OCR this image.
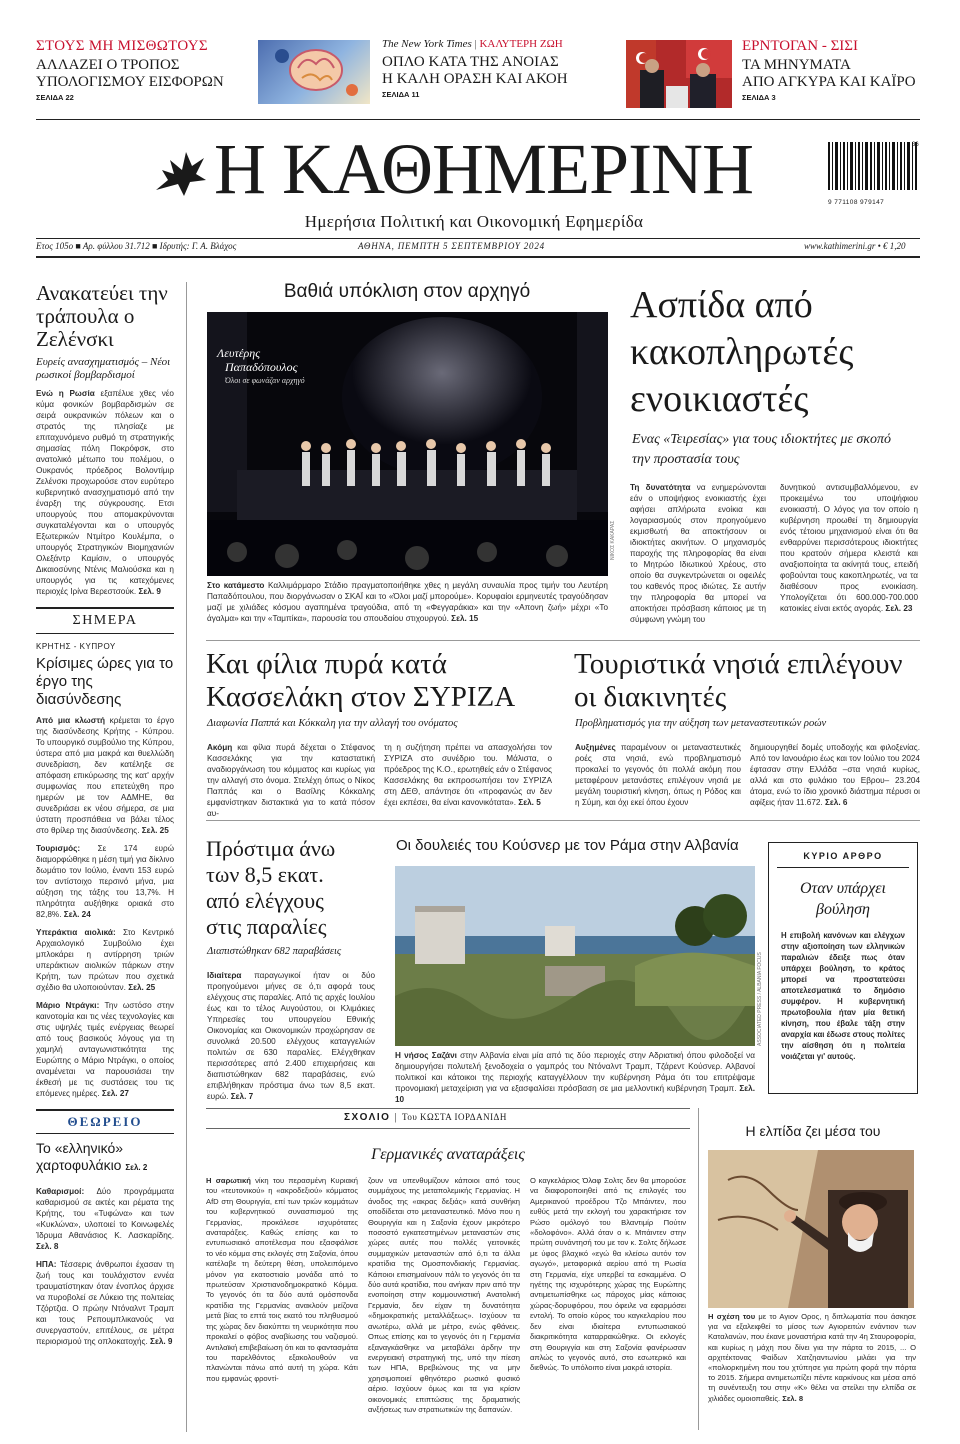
ΣΤΟΥΣ ΜΗ ΜΙΣΘΩΤΟΥΣ
ΑΛΛΑΖΕΙ Ο ΤΡΟΠΟΣ
ΥΠΟΛΟΓΙΣΜΟΥ ΕΙΣΦΟΡΩΝ
ΣΕΛΙΔΑ 22
The New York Times | ΚΑΛΥΤΕΡΗ ΖΩΗ
ΟΠΛΟ ΚΑΤΑ ΤΗΣ ΑΝΟΙΑΣ
Η ΚΑΛΗ ΟΡΑΣΗ ΚΑΙ ΑΚΟΗ
ΣΕΛΙΔΑ 11
ΕΡΝΤΟΓΑΝ - ΣΙΣΙ
ΤΑ ΜΗΝΥΜΑΤΑ
ΑΠΟ ΑΓΚΥΡΑ ΚΑΙ ΚΑΪΡΟ
ΣΕΛΙΔΑ 3
Η ΚΑΘΗΜΕΡΙΝΗ
Ημερήσια Πολιτική και Οικονομική Εφημερίδα
9 771108 979147
36
Ετος 105ο ■ Αρ. φύλλου 31.712 ■ Ιδρυτής: Γ. Α. Βλάχος	ΑΘΗΝΑ, ΠΕΜΠΤΗ 5 ΣΕΠΤΕΜΒΡΙΟΥ 2024	www.kathimerini.gr • € 1,20
Ανακατεύει την τράπουλα ο Ζελένσκι
Ευρείς ανασχηματισμός – Νέοι ρωσικοί βομβαρδισμοί
Ενώ η Ρωσία εξαπέλυε χθες νέο κύμα φονικών βομβαρδισμών σε σειρά ουκρανικών πόλεων και ο στρατός της πλησίαζε με επιταχυνόμενο ρυθμό τη στρατηγικής σημασίας πόλη Ποκρόφσκ, στο ανατολικό μέτωπο του πολέμου, ο Ουκρανός πρόεδρος Βολοντίμιρ Ζελένσκι προχωρούσε στον ευρύτερο κυβερνητικό ανασχηματισμό από την έναρξη της σύγκρουσης. Ετσι υπουργούς που απομακρύνονται συγκαταλέγονται και ο υπουργός Εξωτερικών Ντμίτρο Κουλέμπα, ο υπουργός Στρατηγικών Βιομηχανιών Ολεξάντρ Καμίσιν, ο υπουργός Δικαιοσύνης Ντένις Μαλιούσκα και η υπουργός για τις κατεχόμενες περιοχές Ιρίνα Βερεστσούκ. Σελ. 9
ΣΗΜΕΡΑ
ΚΡΗΤΗΣ - ΚΥΠΡΟΥ
Κρίσιμες ώρες για το έργο της διασύνδεσης
Από μια κλωστή κρέμεται το έργο της διασύνδεσης Κρήτης - Κύπρου. Το υπουργικό συμβούλιο της Κύπρου, ύστερα από μια μακρά και θυελλώδη συνεδρίαση, δεν κατέληξε σε απόφαση επικύρωσης της κατ' αρχήν συμφωνίας που επετεύχθη προ ημερών με τον ΑΔΜΗΕ, θα συνεδριάσει εκ νέου σήμερα, σε μια ύστατη προσπάθεια να βάλει τέλος στο θρίλερ της διασύνδεσης. Σελ. 25
Τουρισμός: Σε 174 ευρώ διαμορφώθηκε η μέση τιμή για δίκλινο δωμάτιο τον Ιούλιο, έναντι 153 ευρώ τον αντίστοιχο περσινό μήνα, μια αύξηση της τάξης του 13,7%. Η πληρότητα αυξήθηκε οριακά στο 82,8%. Σελ. 24
Υπεράκτια αιολικά: Στο Κεντρικό Αρχαιολογικό Συμβούλιο έχει μπλοκάρει η αντίρρηση τριών υπεράκτιων αιολικών πάρκων στην Κρήτη, των πρώτων που σχετικά σχέδιο θα υλοποιούνταν. Σελ. 25
Μάριο Ντράγκι: Την ωστόσο στην καινοτομία και τις νέες τεχνολογίες και στις υψηλές τιμές ενέργειας θεωρεί από τους βασικούς λόγους για τη χαμηλή ανταγωνιστικότητα της Ευρώπης ο Μάριο Ντράγκι, ο οποίος αναμένεται να παρουσιάσει την έκθεσή με τις συστάσεις του τις επόμενες ημέρες. Σελ. 27
ΘΕΩΡΕΙΟ
Το «ελληνικό» χαρτοφυλάκιο Σελ. 2
Καθαρισμοί: Δύο προγράμματα καθαρισμού σε ακτές και ρέματα της Κρήτης, του «Τυφώνα» και των «Κυκλώνα», υλοποιεί το Κοινωφελές Ίδρυμα Αθανάσιος Κ. Λασκαρίδης. Σελ. 8
ΗΠΑ: Τέσσερις άνθρωποι έχασαν τη ζωή τους και τουλάχιστον εννέα τραυματίστηκαν όταν ένοπλος άρχισε να πυροβολεί σε Λύκειο της πολιτείας Τζόρτζια. Ο πρώην Ντόναλντ Τραμπ και τους Ρεπουμπλικανούς να συνεργαστούν, επιτέλους, σε μέτρα περιορισμού της οπλοκατοχής. Σελ. 9
Βαθιά υπόκλιση στον αρχηγό
Λευτέρης
Παπαδόπουλος
Όλοι σε φωνάζαν αρχηγό
ΝΙΚΟΣ ΚΑΚΑΡΑΣ
Στο κατάμεστο Καλλιμάρμαρο Στάδιο πραγματοποιήθηκε χθες η μεγάλη συναυλία προς τιμήν του Λευτέρη Παπαδόπουλου, που διοργάνωσαν ο ΣΚΑΪ και το «Όλοι μαζί μπορούμε». Κορυφαίοι ερμηνευτές τραγούδησαν μαζί με χιλιάδες κόσμου αγαπημένα τραγούδια, από τη «Φεγγαράκια» και την «Απονη ζωή» μέχρι «Το άγαλμα» και την «Ταμπίκα», παρουσία του σπουδαίου στιχουργού. Σελ. 15
Ασπίδα από κακοπληρωτές ενοικιαστές
Ενας «Τειρεσίας» για τους ιδιοκτήτες με σκοπό την προστασία τους
Τη δυνατότητα να ενημερώνονται εάν ο υποψήφιος ενοικιαστής έχει αφήσει απλήρωτα ενοίκια και λογαριασμούς στον προηγούμενο εκμισθωτή θα αποκτήσουν οι ιδιοκτήτες ακινήτων. Ο μηχανισμός παροχής της πληροφορίας θα είναι το Μητρώο Ιδιωτικού Χρέους, στο οποίο θα συγκεντρώνεται οι οφειλές του καθενός προς ιδιώτες. Σε αυτήν την πληροφορία θα μπορεί να αποκτήσει πρόσβαση κάποιος με τη σύμφωνη γνώμη του
δυνητικού αντισυμβαλλόμενου, εν προκειμένω του υποψήφιου ενοικιαστή. Ο λόγος για τον οποίο η κυβέρνηση προωθεί τη δημιουργία ενός τέτοιου μηχανισμού είναι ότι θα ενθαρρύνει περισσότερους ιδιοκτήτες που κρατούν σήμερα κλειστά και αναξιοποίητα τα ακίνητά τους, επειδή φοβούνται τους κακοπληρωτές, να τα διαθέσουν προς ενοικίαση. Υπολογίζεται ότι 600.000-700.000 κατοικίες είναι εκτός αγοράς. Σελ. 23
Και φίλια πυρά κατά Κασσελάκη στον ΣΥΡΙΖΑ
Διαφωνία Παππά και Κόκκαλη για την αλλαγή του ονόματος
Ακόμη και φίλια πυρά δέχεται ο Στέφανος Κασσελάκης για την καταστατική αναδιοργάνωση του κόμματος και κυρίως για την αλλαγή στο όνομα. Στελέχη όπως ο Νίκος Παππάς και ο Βασίλης Κόκκαλης εμφανίστηκαν διστακτικά για το κατά πόσον αυ-
τη η συζήτηση πρέπει να απασχολήσει τον ΣΥΡΙΖΑ στο συνέδριο του. Μάλιστα, ο πρόεδρος της Κ.Ο., ερωτηθείς εάν ο Στέφανος Κασσελάκης θα εκπροσωπήσει τον ΣΥΡΙΖΑ στη ΔΕΘ, απάντησε ότι «προφανώς αν δεν έχει εκπέσει, θα είναι κανονικότατα». Σελ. 5
Τουριστικά νησιά επιλέγουν οι διακινητές
Προβληματισμός για την αύξηση των μεταναστευτικών ροών
Αυξημένες παραμένουν οι μεταναστευτικές ροές στα νησιά, ενώ προβληματισμό προκαλεί το γεγονός ότι πολλά ακόμη που μεταφέρουν μετανάστες επιλέγουν νησιά με μεγάλη τουριστική κίνηση, όπως η Ρόδος και η Σύμη, και όχι εκεί όπου έχουν
δημιουργηθεί δομές υποδοχής και φιλοξενίας. Από τον Ιανουάριο έως και τον Ιούλιο του 2024 έφτασαν στην Ελλάδα –στα νησιά κυρίως, αλλά και στο φυλάκιο του Εβρου– 23.204 άτομα, ενώ το ίδιο χρονικό διάστημα πέρυσι οι αφίξεις ήταν 11.672. Σελ. 6
Πρόστιμα άνω των 8,5 εκατ. από ελέγχους στις παραλίες
Διαπιστώθηκαν 682 παραβάσεις
Ιδιαίτερα παραγωγικοί ήταν οι δύο προηγούμενοι μήνες σε ό,τι αφορά τους ελέγχους στις παραλίες. Από τις αρχές Ιουλίου έως και το τέλος Αυγούστου, οι Κλιμάκιες Υπηρεσίες του υπουργείου Εθνικής Οικονομίας και Οικονομικών προχώρησαν σε συνολικά 20.500 ελέγχους καταγγελιών πολιτών σε 630 παραλίες. Ελέγχθηκαν περισσότερες από 2.400 επιχειρήσεις και διαπιστώθηκαν 682 παραβάσεις, ενώ επιβλήθηκαν πρόστιμα άνω των 8,5 εκατ. ευρώ. Σελ. 7
Οι δουλειές του Κούσνερ με τον Ράμα στην Αλβανία
ASSOCIATED PRESS / ALBANIA FOCUS
Η νήσος Σαζάνι στην Αλβανία είναι μία από τις δύο περιοχές στην Αδριατική όπου φιλοδοξεί να δημιουργήσει πολυτελή ξενοδοχεία ο γαμπρός του Ντόναλντ Τραμπ, Τζάρεντ Κούσνερ. Αλβανοί πολιτικοί και κάτοικοι της περιοχής καταγγέλλουν την κυβέρνηση Ράμα ότι του επιτρέψαμε προνομιακή μεταχείριση για να εξασφαλίσει πρόσβαση σε μια μελλοντική κυβέρνηση Τραμπ. Σελ. 10
ΚΥΡΙΟ ΑΡΘΡΟ
Οταν υπάρχει βούληση
Η επιβολή κανόνων και ελέγχων στην αξιοποίηση των ελληνικών παραλιών έδειξε πως όταν υπάρχει βούληση, το κράτος μπορεί να προστατεύσει αποτελεσματικά το δημόσιο συμφέρον. Η κυβερνητική πρωτοβουλία ήταν μία θετική κίνηση, που έβαλε τάξη στην αναρχία και έδωσε στους πολίτες την αίσθηση ότι η πολιτεία νοιάζεται γι' αυτούς.
ΣΧΟΛΙΟ | Του ΚΩΣΤΑ ΙΟΡΔΑΝΙΔΗ
Γερμανικές αναταράξεις
Η σαρωτική νίκη του περασμένη Κυριακή του «τευτονικού» η «ακροδεξιού» κόμματος AfD στη Θουριγγία, επί των τριών κομμάτων του κυβερνητικού συνασπισμού της Γερμανίας, προκάλεσε ισχυρότατες αναταράξεις. Καθώς επίσης και το εντυπωσιακό αποτέλεσμα που εξασφάλισε το νέο κόμμα στις εκλογές στη Σαξονία, όπου κατέλαβε τη δεύτερη θέση, υπολειπόμενο μόνον για εκατοστιαίο μονάδα από το πρωτεύσαν Χριστιανοδημοκρατικό Κόμμα. Το γεγονός ότι τα δύο αυτά ομόσπονδα κρατίδια της Γερμανίας ανακλούν μείζονα μετά βίας το επτά τοις εκατό του πληθυσμού της χώρας δεν διακύπτει τη νευρικότητα που προκαλεί ο φόβος αναβίωσης του ναζισμού. Αντιλαϊκή επιβεβαίωση ότι και το φαντασμάτα του παρελθόντος εξακολουθούν να πλανώνται πάνω από αυτή τη χώρα. Κάτι που εμφανώς φροντί-
ζουν να υπενθυμίζουν κάποιοι από τους συμμάχους της μεταπολεμικής Γερμανίας. Η άνοδος της «ακρας δεξιάς» κατά συνθήκη οποδίδεται στο μεταναστευτικό. Μόνο που η Θουριγγία και η Σαξονία έχουν μικρότερο ποσοστό εγκατεστημένων μεταναστών στις χώρες αυτές που πολλές γειτονικές συμμαχικών μεταναστών από ό,τι τα άλλα κρατίδια της Ομοσπονδιακής Γερμανίας. Κάποιοι επισημαίνουν πάλι το γεγονός ότι τα δύο αυτά κρατίδια, που ανήκαν πριν από την ενοποίηση στην κομμουνιστική Ανατολική Γερμανία, δεν είχαν τη δυνατότητα «δημοκρατικής μεταλλάξεως». Ισχύουν τα ανωτέρω, αλλά με μέτρο, ενώς φθάνεις. Οπως επίσης και το γεγονός ότι η Γερμανία εξαναγκάσθηκε να μεταβάλει άρδην την ενεργειακή στρατηγική της, υπό την πίεση των ΗΠΑ, Βρεβιώνους της να μην χρησιμοποιεί φθηνότερο ρωσικό φυσικό αέριο. Ισχύουν όμως και τα για κρίσιν οικονομικές επιπτώσεις της δραματικής ανξήσεως των στρατιωτικών της δαπανών.
Ο καγκελάριος Όλαφ Σολτς δεν θα μπορούσε να διαφοροποιηθεί από τις επιλογές του Αμερικανού προέδρου Τζο Μπάιντεν, που ευθύς μετά την εκλογή του χαρακτήρισε τον Ρώσο ομόλογό του Βλαντιμίρ Πούτιν «δολοφόνο». Αλλά όταν ο κ. Μπάιντεν στην πρώτη συνάντησή του με τον κ. Σολτς δήλωσε με ύφος βλαχικό «εγώ θα κλείσω αυτόν τον αγωγό», μεταφορικά αερίου από τη Ρωσία στη Γερμανία, είχε υπερβεί τα εσκαμμένα. Ο ηγέτης της ισχυρότερης χώρας της Ευρώπης αντιμετωπίσθηκε ως πάροχος μίας κάποιας χώρας-δορυφόρου, που όφειλε να εφαρμόσει εντολή. Το οποίο κύρος του καγκελαρίου που δεν είναι ιδιαίτερα εντυπωσιακού διακριτικότητα καταρρακώθηκε. Οι εκλογές στη Θουριγγία και στη Σαξονία φανέρωσαν απλώς το γεγονός αυτό, στο εσωτερικό και διεθνώς. Το υπόλοιπο είναι μακρά ιστορία.
Η ελπίδα ζει μέσα του
Η σχέση του με το Αγιον Ορος, η διπλωματία που άσκησε για να εξαλειφθεί το μίσος των Αγιορειτών ενάντιον των Καταλανών, που έκανε μοναστήρια κατά την 4η Σταυροφορία, και κυρίως η μάχη που δίνει για την πάρτα το 2015, ... Ο αρχιτέκτονας Φαίδων Χατζηαντωνίου μιλάει για την «πολιορκημένη που του χτύπησε για πρώτη φορά την πόρτα το 2015. Σήμερα αντιμετωπίζει πέντε καρκίνους και μέσα από τη συνέντευξη του στην «Κ» θέλει να στείλει την ελπίδα σε χιλιάδες ομοιοπαθείς. Σελ. 8
